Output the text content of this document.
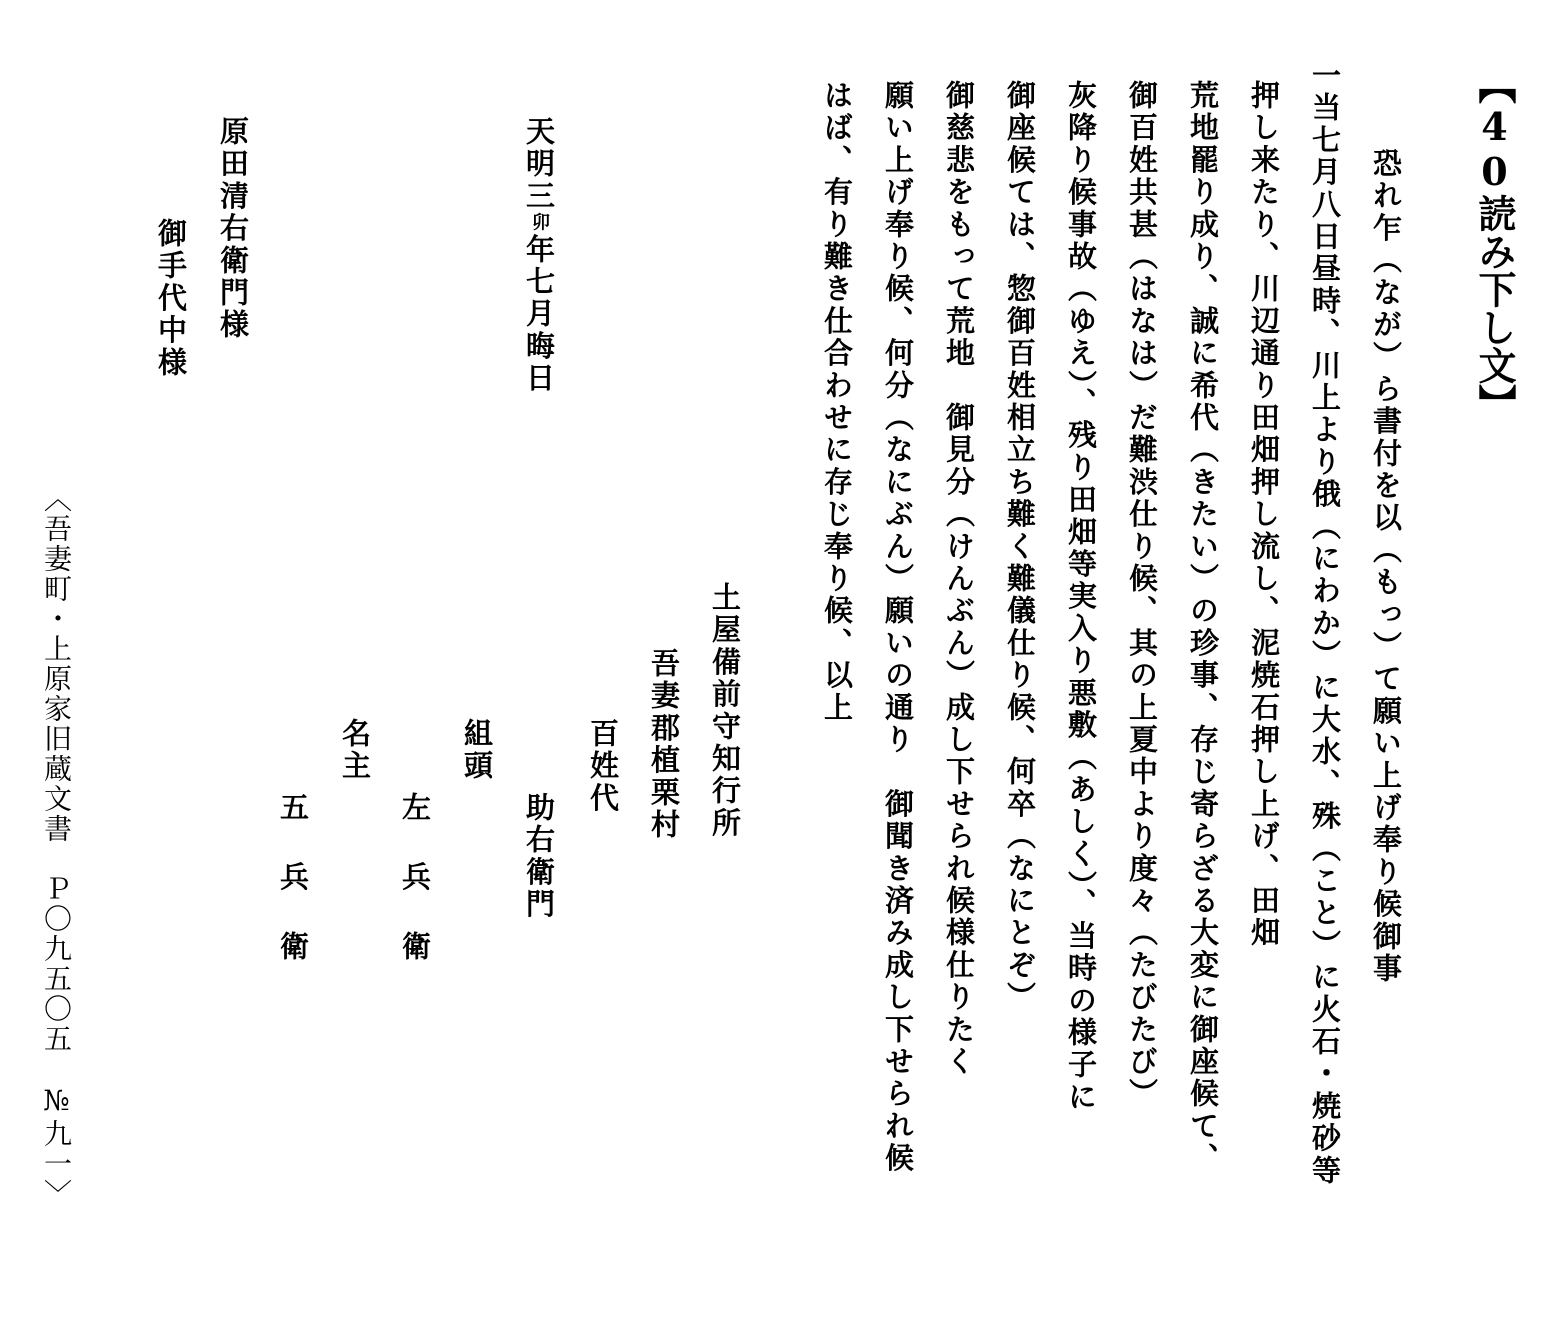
【40読み下し文】
恐れ乍（なが）ら書付を以（もっ）て願い上げ奉り候御事
一当七月八日昼時、川上より俄（にわか）に大水、殊（こと）に火石・焼砂等
押し来たり、川辺通り田畑押し流し、泥焼石押し上げ、田畑
荒地罷り成り、誠に希代（きたい）の珍事、存じ寄らざる大変に御座候て、
御百姓共甚（はなは）だ難渋仕り候、其の上夏中より度々（たびたび）
灰降り候事故（ゆえ）、残り田畑等実入り悪敷（あしく）、当時の様子に
御座候ては、惣御百姓相立ち難く難儀仕り候、何卒（なにとぞ）
御慈悲をもって荒地　御見分（けんぶん）成し下せられ候様仕りたく
願い上げ奉り候、何分（なにぶん）願いの通り　御聞き済み成し下せられ候
はば、有り難き仕合わせに存じ奉り候、以上
土屋備前守知行所
吾妻郡植栗村
百姓代
助右衛門
組頭
左 兵 衛
名主
五 兵 衛
天明三卯年七月晦日
原田清右衛門様
御手代中様
〈吾妻町・上原家旧蔵文書　Ｐ〇九五〇五　№九一〉
